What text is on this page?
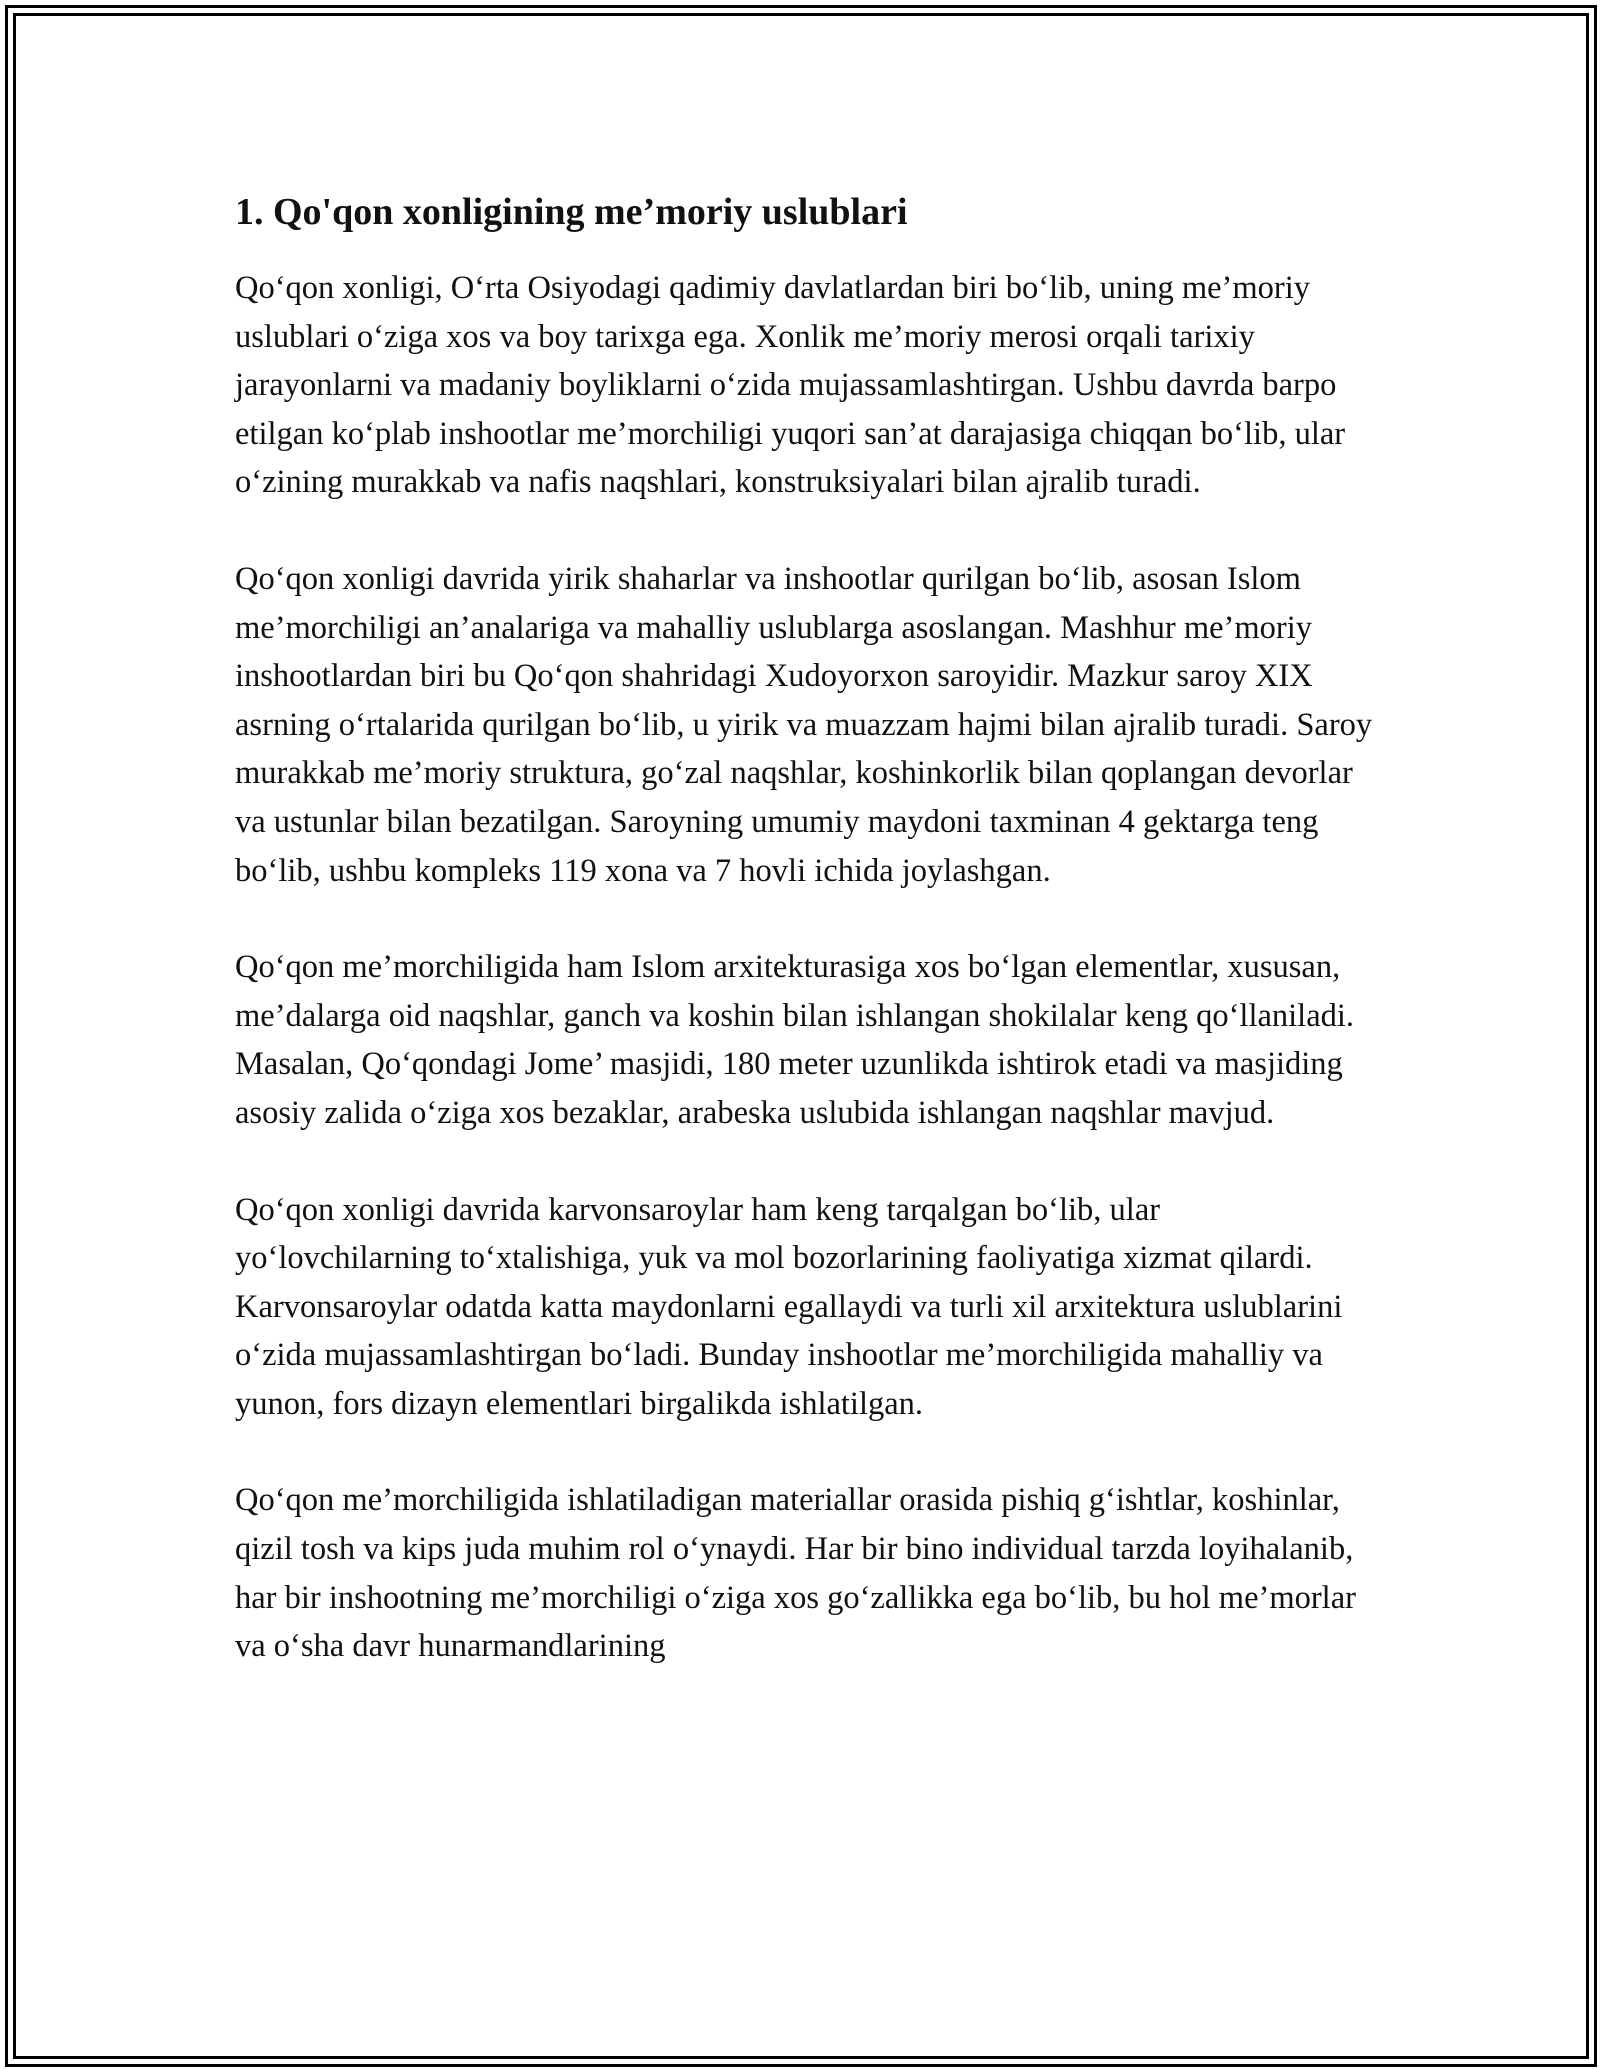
1. Qo'qon xonligining me’moriy uslublari

Qo‘qon xonligi, O‘rta Osiyodagi qadimiy davlatlardan biri bo‘lib, uning me’moriy uslublari o‘ziga xos va boy tarixga ega. Xonlik me’moriy merosi orqali tarixiy jarayonlarni va madaniy boyliklarni o‘zida mujassamlashtirgan. Ushbu davrda barpo etilgan ko‘plab inshootlar me’morchiligi yuqori san’at darajasiga chiqqan bo‘lib, ular o‘zining murakkab va nafis naqshlari, konstruksiyalari bilan ajralib turadi.

Qo‘qon xonligi davrida yirik shaharlar va inshootlar qurilgan bo‘lib, asosan Islom me’morchiligi an’analariga va mahalliy uslublarga asoslangan. Mashhur me’moriy inshootlardan biri bu Qo‘qon shahridagi Xudoyorxon saroyidir. Mazkur saroy XIX asrning o‘rtalarida qurilgan bo‘lib, u yirik va muazzam hajmi bilan ajralib turadi. Saroy murakkab me’moriy struktura, go‘zal naqshlar, koshinkorlik bilan qoplangan devorlar va ustunlar bilan bezatilgan. Saroyning umumiy maydoni taxminan 4 gektarga teng bo‘lib, ushbu kompleks 119 xona va 7 hovli ichida joylashgan.

Qo‘qon me’morchiligida ham Islom arxitekturasiga xos bo‘lgan elementlar, xususan, me’dalarga oid naqshlar, ganch va koshin bilan ishlangan shokilalar keng qo‘llaniladi. Masalan, Qo‘qondagi Jome’ masjidi, 180 meter uzunlikda ishtirok etadi va masjiding asosiy zalida o‘ziga xos bezaklar, arabeska uslubida ishlangan naqshlar mavjud.

Qo‘qon xonligi davrida karvonsaroylar ham keng tarqalgan bo‘lib, ular yo‘lovchilarning to‘xtalishiga, yuk va mol bozorlarining faoliyatiga xizmat qilardi. Karvonsaroylar odatda katta maydonlarni egallaydi va turli xil arxitektura uslublarini o‘zida mujassamlashtirgan bo‘ladi. Bunday inshootlar me’morchiligida mahalliy va yunon, fors dizayn elementlari birgalikda ishlatilgan.

Qo‘qon me’morchiligida ishlatiladigan materiallar orasida pishiq g‘ishtlar, koshinlar, qizil tosh va kips juda muhim rol o‘ynaydi. Har bir bino individual tarzda loyihalanib, har bir inshootning me’morchiligi o‘ziga xos go‘zallikka ega bo‘lib, bu hol me’morlar va o‘sha davr hunarmandlarining
